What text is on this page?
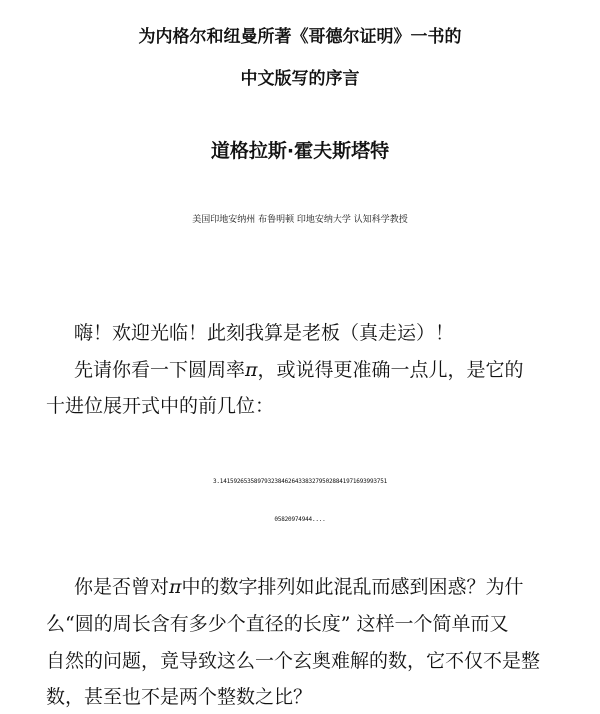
为内格尔和纽曼所著《哥德尔证明》一书的
中文版写的序言
道格拉斯·霍夫斯塔特
美国印地安纳州 布鲁明顿 印地安纳大学 认知科学教授
嗨！欢迎光临！此刻我算是老板（真走运）！
先请你看一下圆周率π，或说得更准确一点儿，是它的
十进位展开式中的前几位：
3.1415926535897932384626433832795028841971693993751
05820974944....
你是否曾对π中的数字排列如此混乱而感到困惑？为什
么“圆的周长含有多少个直径的长度” 这样一个简单而又
自然的问题，竟导致这么一个玄奥难解的数，它不仅不是整
数，甚至也不是两个整数之比？
